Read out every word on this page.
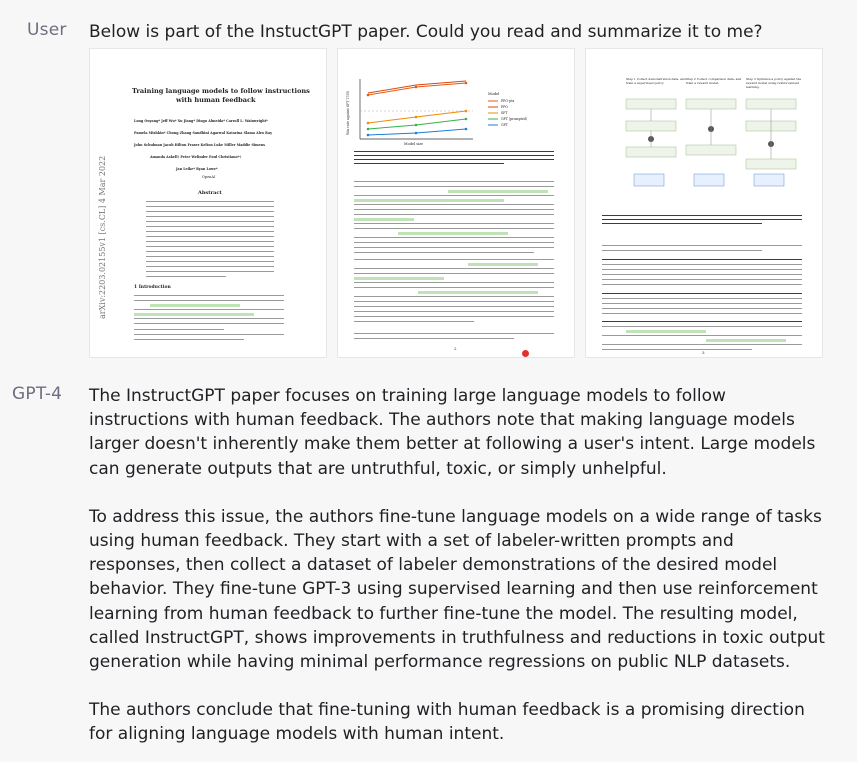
User Below is part of the InstuctGPT paper. Could you read and summarize it to me?
arXiv:2203.02155v1 [cs.CL] 4 Mar 2022
Training language models to follow instructions
with human feedback
Long Ouyang* Jeff Wu* Xu Jiang* Diogo Almeida* Carroll L. Wainwright*
Pamela Mishkin* Chong Zhang Sandhini Agarwal Katarina Slama Alex Ray
John Schulman Jacob Hilton Fraser Kelton Luke Miller Maddie Simens
Amanda Askell† Peter Welinder Paul Christiano*†
Jan Leike* Ryan Lowe*
OpenAI
Abstract
1 Introduction
Win rate against SFT 175B
Model size
Model
PPO-ptx
PPO
SFT
GPT (prompted)
GPT
2
Step 1 Collect demonstration data, and train a supervised policy.
Step 2 Collect comparison data, and train a reward model.
Step 3 Optimize a policy against the reward model using reinforcement learning.
3
GPT-4 The InstructGPT paper focuses on training large language models to follow instructions with human feedback. The authors note that making language models larger doesn't inherently make them better at following a user's intent. Large models can generate outputs that are untruthful, toxic, or simply unhelpful.

To address this issue, the authors fine-tune language models on a wide range of tasks using human feedback. They start with a set of labeler-written prompts and responses, then collect a dataset of labeler demonstrations of the desired model behavior. They fine-tune GPT-3 using supervised learning and then use reinforcement learning from human feedback to further fine-tune the model. The resulting model, called InstructGPT, shows improvements in truthfulness and reductions in toxic output generation while having minimal performance regressions on public NLP datasets.

The authors conclude that fine-tuning with human feedback is a promising direction for aligning language models with human intent.
